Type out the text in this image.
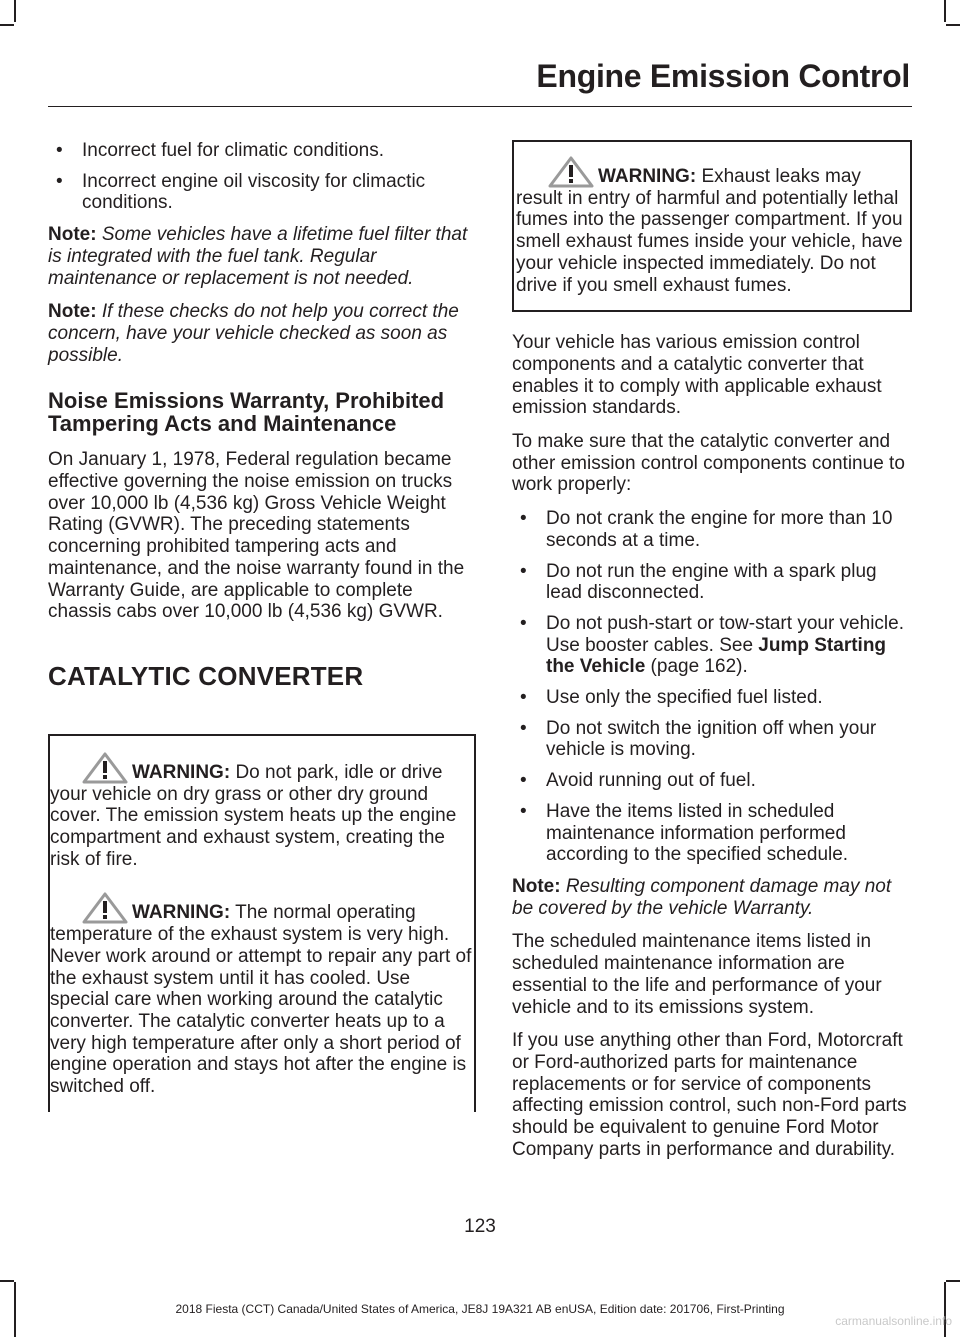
Engine Emission Control
• Incorrect fuel for climatic conditions.
• Incorrect engine oil viscosity for climactic conditions.

Note: Some vehicles have a lifetime fuel filter that is integrated with the fuel tank. Regular maintenance or replacement is not needed.

Note: If these checks do not help you correct the concern, have your vehicle checked as soon as possible.

Noise Emissions Warranty, Prohibited Tampering Acts and Maintenance

On January 1, 1978, Federal regulation became effective governing the noise emission on trucks over 10,000 lb (4,536 kg) Gross Vehicle Weight Rating (GVWR). The preceding statements concerning prohibited tampering acts and maintenance, and the noise warranty found in the Warranty Guide, are applicable to complete chassis cabs over 10,000 lb (4,536 kg) GVWR.

CATALYTIC CONVERTER

WARNING: Do not park, idle or drive your vehicle on dry grass or other dry ground cover. The emission system heats up the engine compartment and exhaust system, creating the risk of fire.

WARNING: The normal operating temperature of the exhaust system is very high. Never work around or attempt to repair any part of the exhaust system until it has cooled. Use special care when working around the catalytic converter. The catalytic converter heats up to a very high temperature after only a short period of engine operation and stays hot after the engine is switched off.

WARNING: Exhaust leaks may result in entry of harmful and potentially lethal fumes into the passenger compartment. If you smell exhaust fumes inside your vehicle, have your vehicle inspected immediately. Do not drive if you smell exhaust fumes.

Your vehicle has various emission control components and a catalytic converter that enables it to comply with applicable exhaust emission standards.

To make sure that the catalytic converter and other emission control components continue to work properly:

• Do not crank the engine for more than 10 seconds at a time.
• Do not run the engine with a spark plug lead disconnected.
• Do not push-start or tow-start your vehicle. Use booster cables. See Jump Starting the Vehicle (page 162).
• Use only the specified fuel listed.
• Do not switch the ignition off when your vehicle is moving.
• Avoid running out of fuel.
• Have the items listed in scheduled maintenance information performed according to the specified schedule.

Note: Resulting component damage may not be covered by the vehicle Warranty.

The scheduled maintenance items listed in scheduled maintenance information are essential to the life and performance of your vehicle and to its emissions system.

If you use anything other than Ford, Motorcraft or Ford-authorized parts for maintenance replacements or for service of components affecting emission control, such non-Ford parts should be equivalent to genuine Ford Motor Company parts in performance and durability.

123
2018 Fiesta (CCT) Canada/United States of America, JE8J 19A321 AB enUSA, Edition date: 201706, First-Printing
carmanualsonline.info
